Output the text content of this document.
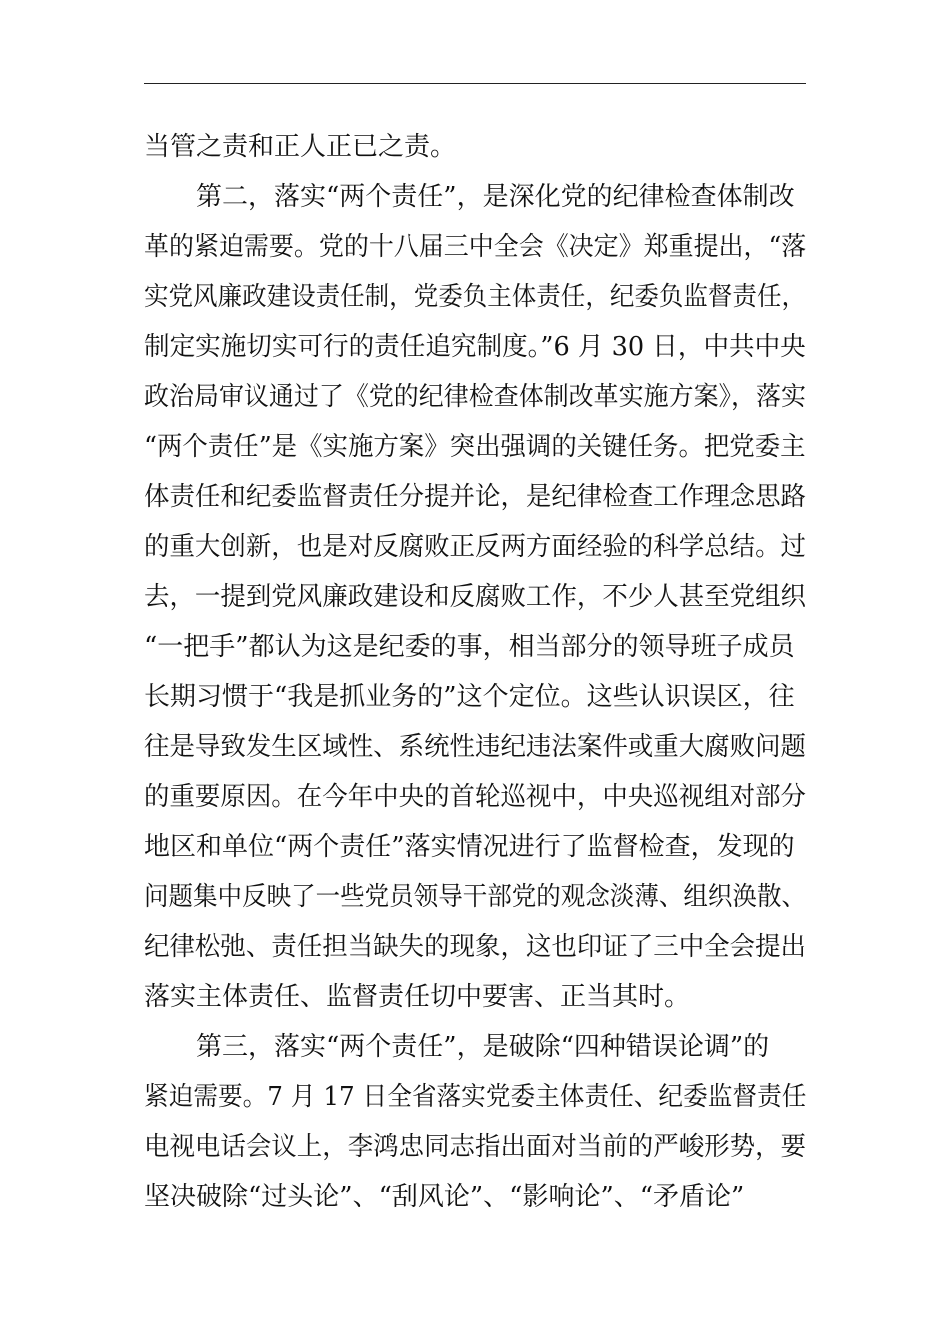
当管之责和正人正已之责。
第二，落实“两个责任”，是深化党的纪律检查体制改
革的紧迫需要。党的十八届三中全会《决定》郑重提出，“落
实党风廉政建设责任制，党委负主体责任，纪委负监督责任，
制定实施切实可行的责任追究制度。”6 月 30 日，中共中央
政治局审议通过了《党的纪律检查体制改革实施方案》，落实
“两个责任”是《实施方案》突出强调的关键任务。把党委主
体责任和纪委监督责任分提并论，是纪律检查工作理念思路
的重大创新，也是对反腐败正反两方面经验的科学总结。过
去，一提到党风廉政建设和反腐败工作，不少人甚至党组织
“一把手”都认为这是纪委的事，相当部分的领导班子成员
长期习惯于“我是抓业务的”这个定位。这些认识误区，往
往是导致发生区域性、系统性违纪违法案件或重大腐败问题
的重要原因。在今年中央的首轮巡视中，中央巡视组对部分
地区和单位“两个责任”落实情况进行了监督检查，发现的
问题集中反映了一些党员领导干部党的观念淡薄、组织涣散、
纪律松弛、责任担当缺失的现象，这也印证了三中全会提出
落实主体责任、监督责任切中要害、正当其时。
第三，落实“两个责任”，是破除“四种错误论调”的
紧迫需要。7 月 17 日全省落实党委主体责任、纪委监督责任
电视电话会议上，李鸿忠同志指出面对当前的严峻形势，要
坚决破除“过头论”、“刮风论”、“影响论”、“矛盾论”
